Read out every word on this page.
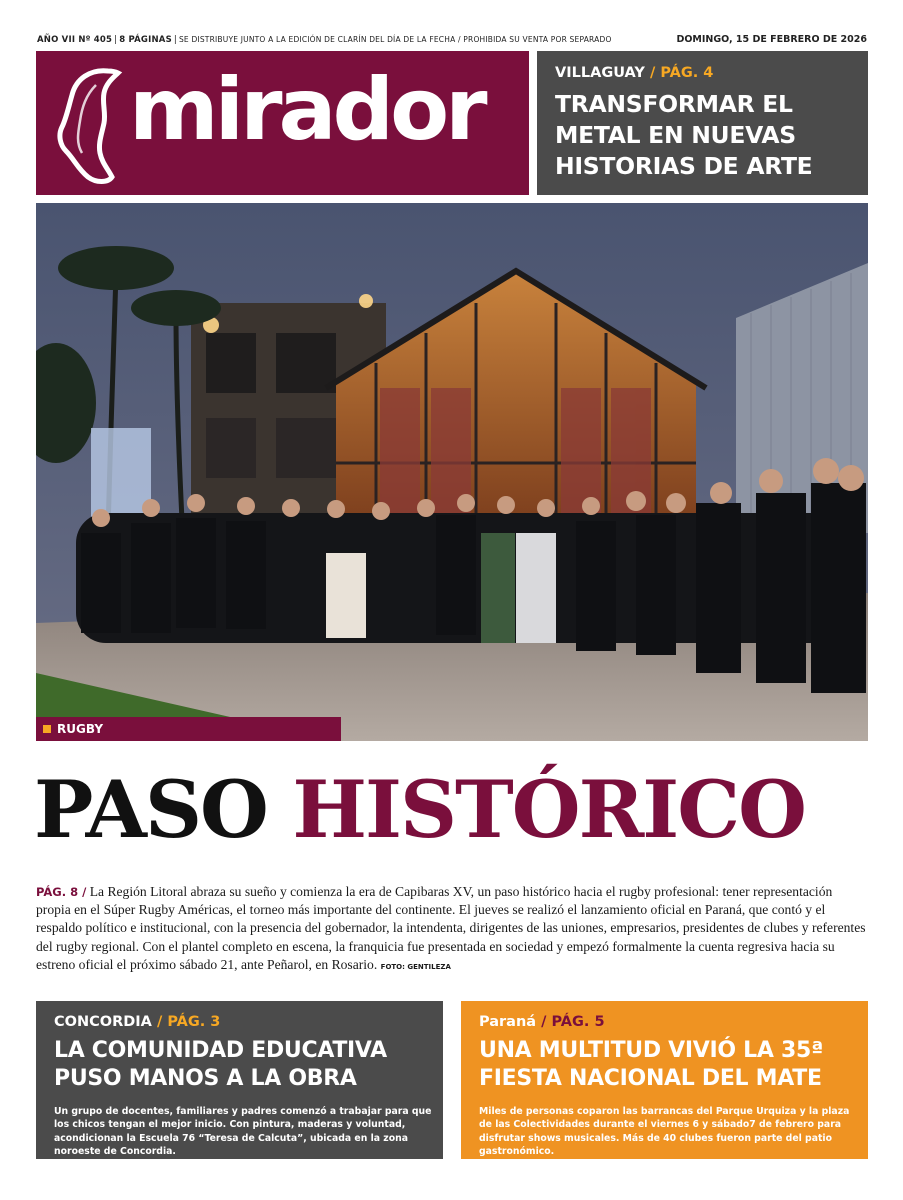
AÑO VII Nº 405 | 8 PÁGINAS | SE DISTRIBUYE JUNTO A LA EDICIÓN DE CLARÍN DEL DÍA DE LA FECHA / PROHIBIDA SU VENTA POR SEPARADO	DOMINGO, 15 DE FEBRERO DE 2026
mirador	VILLAGUAY / PÁG. 4
TRANSFORMAR EL METAL EN NUEVAS HISTORIAS DE ARTE
RUGBY
PASO HISTÓRICO
PÁG. 8 / La Región Litoral abraza su sueño y comienza la era de Capibaras XV, un paso histórico hacia el rugby profesional: tener representación propia en el Súper Rugby Américas, el torneo más importante del continente. El jueves se realizó el lanzamiento oficial en Paraná, que contó y el respaldo político e institucional, con la presencia del gobernador, la intendenta, dirigentes de las uniones, empresarios, presidentes de clubes y referentes del rugby regional. Con el plantel completo en escena, la franquicia fue presentada en sociedad y empezó formalmente la cuenta regresiva hacia su estreno oficial el próximo sábado 21, ante Peñarol, en Rosario. FOTO: GENTILEZA
CONCORDIA / PÁG. 3
LA COMUNIDAD EDUCATIVA
PUSO MANOS A LA OBRA
Un grupo de docentes, familiares y padres comenzó a trabajar para que los chicos tengan el mejor inicio. Con pintura, maderas y voluntad, acondicionan la Escuela 76 “Teresa de Calcuta”, ubicada en la zona noroeste de Concordia.
Paraná / PÁG. 5
UNA MULTITUD VIVIÓ LA 35ª
FIESTA NACIONAL DEL MATE
Miles de personas coparon las barrancas del Parque Urquiza y la plaza de las Colectividades durante el viernes 6 y sábado7 de febrero para disfrutar shows musicales. Más de 40 clubes fueron parte del patio gastronómico.
